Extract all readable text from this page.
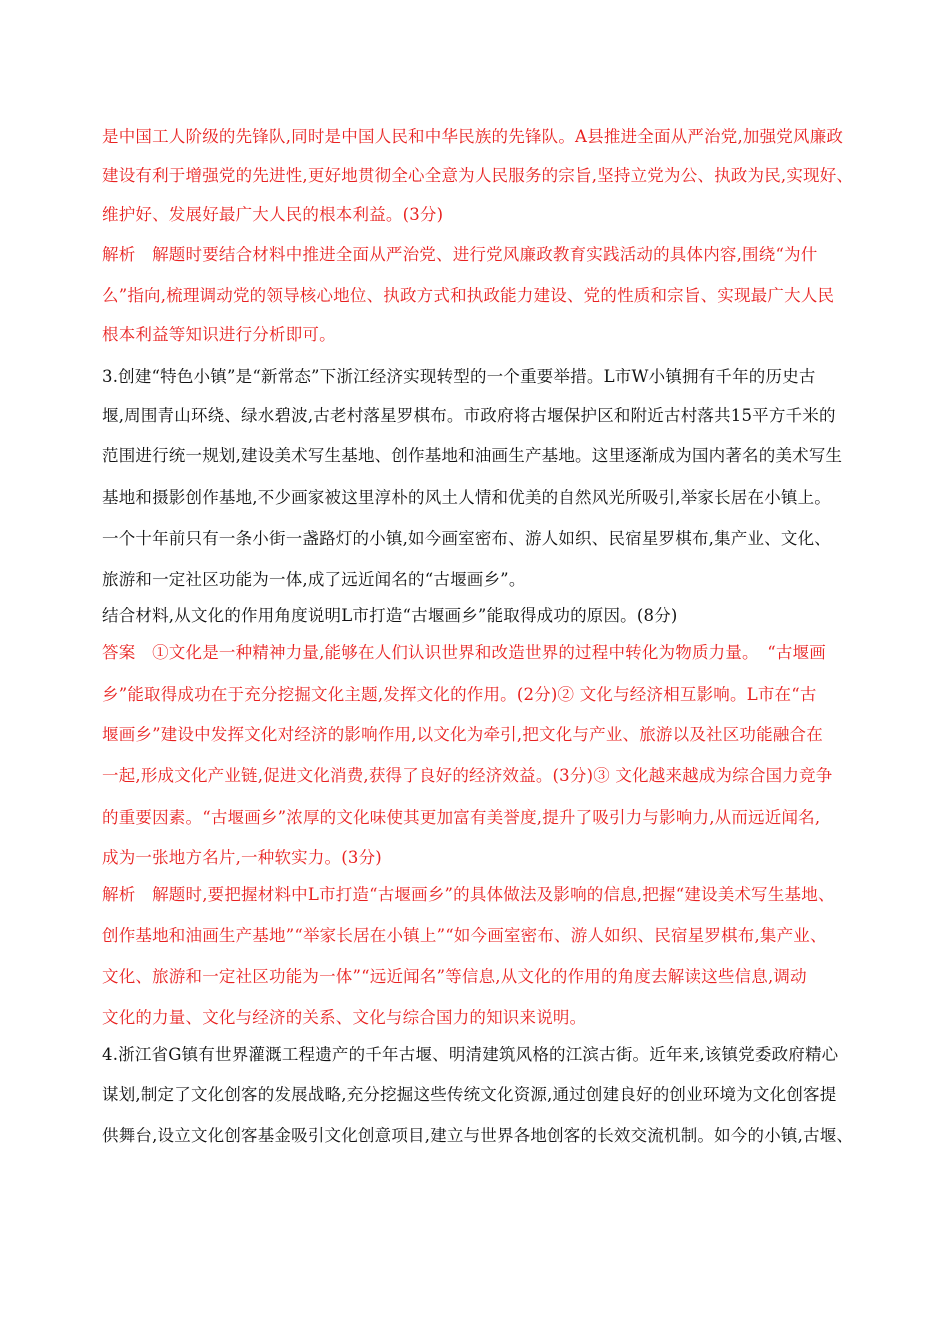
是中国工人阶级的先锋队,同时是中国人民和中华民族的先锋队。A县推进全面从严治党,加强党风廉政
建设有利于增强党的先进性,更好地贯彻全心全意为人民服务的宗旨,坚持立党为公、执政为民,实现好、
维护好、发展好最广大人民的根本利益。(3分)
解析　解题时要结合材料中推进全面从严治党、进行党风廉政教育实践活动的具体内容,围绕“为什
么”指向,梳理调动党的领导核心地位、执政方式和执政能力建设、党的性质和宗旨、实现最广大人民
根本利益等知识进行分析即可。
3.创建“特色小镇”是“新常态”下浙江经济实现转型的一个重要举措。L市W小镇拥有千年的历史古
堰,周围青山环绕、绿水碧波,古老村落星罗棋布。市政府将古堰保护区和附近古村落共15平方千米的
范围进行统一规划,建设美术写生基地、创作基地和油画生产基地。这里逐渐成为国内著名的美术写生
基地和摄影创作基地,不少画家被这里淳朴的风土人情和优美的自然风光所吸引,举家长居在小镇上。
一个十年前只有一条小街一盏路灯的小镇,如今画室密布、游人如织、民宿星罗棋布,集产业、文化、
旅游和一定社区功能为一体,成了远近闻名的“古堰画乡”。
结合材料,从文化的作用角度说明L市打造“古堰画乡”能取得成功的原因。(8分)
答案　①文化是一种精神力量,能够在人们认识世界和改造世界的过程中转化为物质力量。　“古堰画
乡”能取得成功在于充分挖掘文化主题,发挥文化的作用。(2分)② 文化与经济相互影响。L市在“古
堰画乡”建设中发挥文化对经济的影响作用,以文化为牵引,把文化与产业、旅游以及社区功能融合在
一起,形成文化产业链,促进文化消费,获得了良好的经济效益。(3分)③ 文化越来越成为综合国力竞争
的重要因素。“古堰画乡”浓厚的文化味使其更加富有美誉度,提升了吸引力与影响力,从而远近闻名,
成为一张地方名片,一种软实力。(3分)
解析　解题时,要把握材料中L市打造“古堰画乡”的具体做法及影响的信息,把握“建设美术写生基地、
创作基地和油画生产基地”“举家长居在小镇上”“如今画室密布、游人如织、民宿星罗棋布,集产业、
文化、旅游和一定社区功能为一体”“远近闻名”等信息,从文化的作用的角度去解读这些信息,调动
文化的力量、文化与经济的关系、文化与综合国力的知识来说明。
4.浙江省G镇有世界灌溉工程遗产的千年古堰、明清建筑风格的江滨古街。近年来,该镇党委政府精心
谋划,制定了文化创客的发展战略,充分挖掘这些传统文化资源,通过创建良好的创业环境为文化创客提
供舞台,设立文化创客基金吸引文化创意项目,建立与世界各地创客的长效交流机制。如今的小镇,古堰、
